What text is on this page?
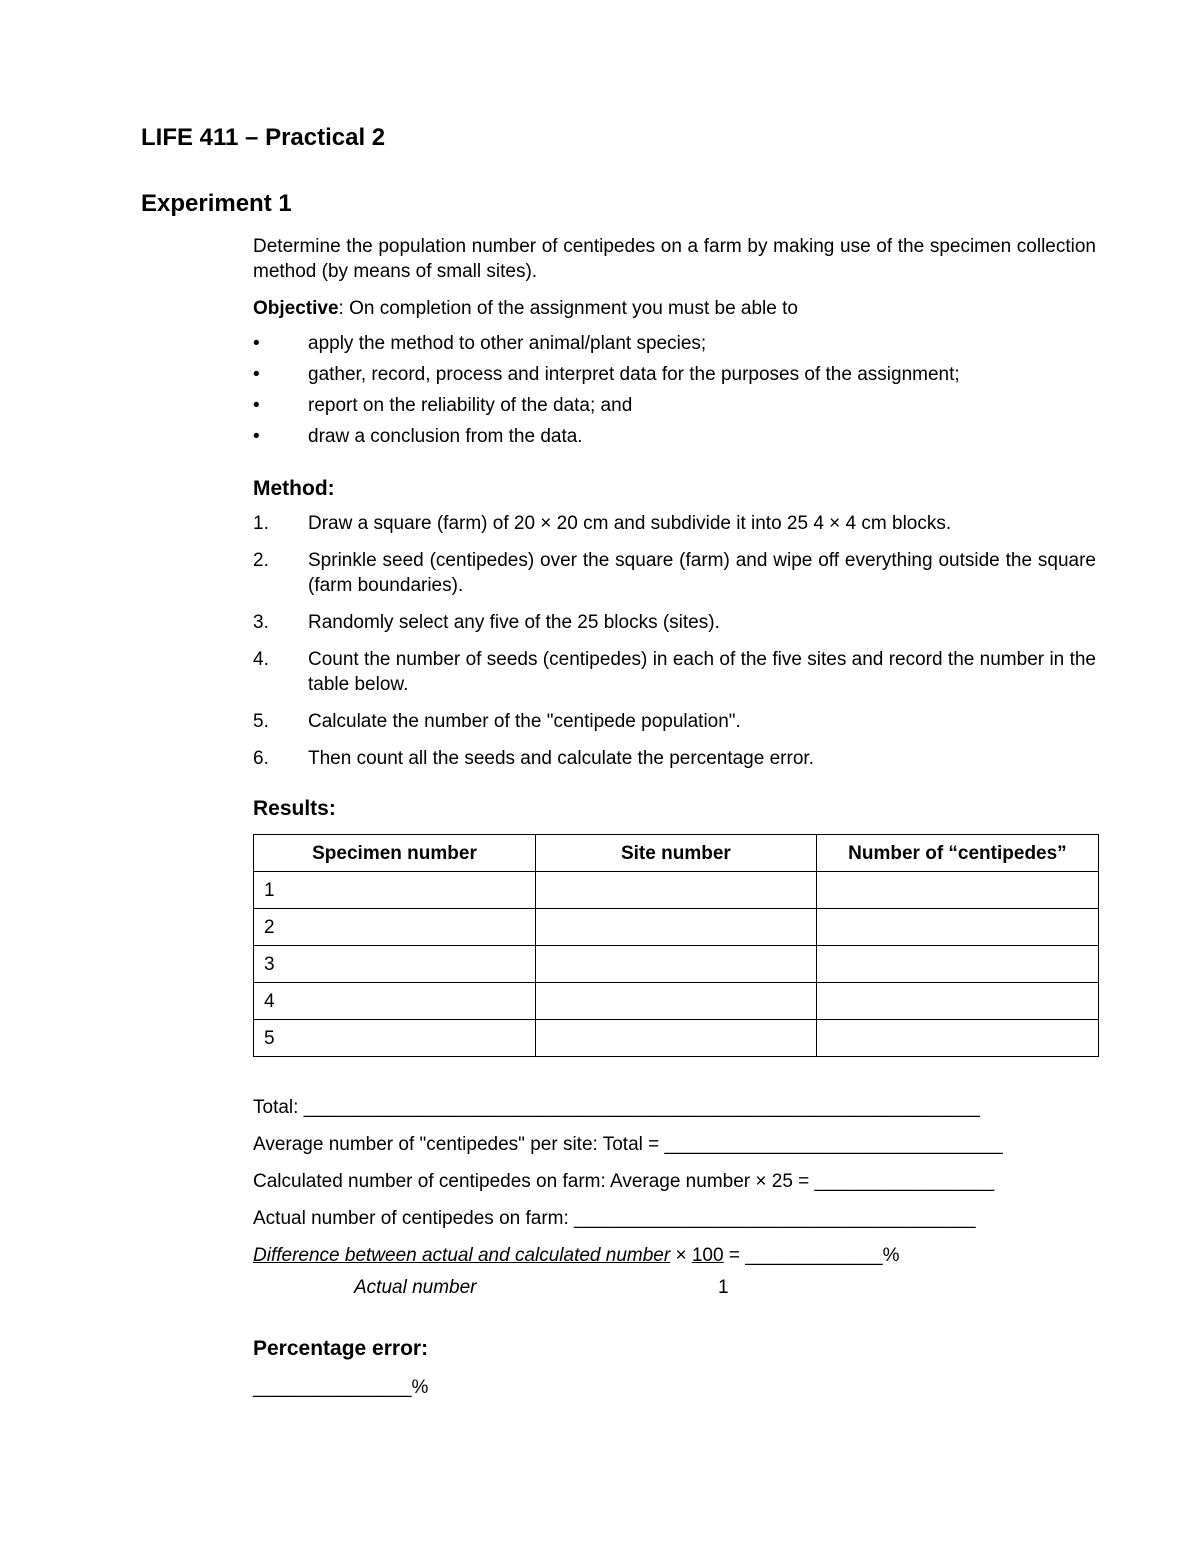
LIFE 411 – Practical 2
Experiment 1

Determine the population number of centipedes on a farm by making use of the specimen collection method (by means of small sites).

Objective: On completion of the assignment you must be able to

•	apply the method to other animal/plant species;
•	gather, record, process and interpret data for the purposes of the assignment;
•	report on the reliability of the data; and
•	draw a conclusion from the data.
Method:
1. Draw a square (farm) of 20 × 20 cm and subdivide it into 25 4 × 4 cm blocks.
2. Sprinkle seed (centipedes) over the square (farm) and wipe off everything outside the square (farm boundaries).
3. Randomly select any five of the 25 blocks (sites).
4. Count the number of seeds (centipedes) in each of the five sites and record the number in the table below.
5. Calculate the number of the "centipede population".
6. Then count all the seeds and calculate the percentage error.
Results:
Specimen number	Site number	Number of “centipedes”
1		
2		
3		
4		
5		
Total: ________________________________________________________________
Average number of "centipedes" per site: Total = ________________________________
Calculated number of centipedes on farm: Average number × 25 = _________________
Actual number of centipedes on farm: ______________________________________
Difference between actual and calculated number × 100 = _____________%
Actual number	1
Percentage error:
_______________%
